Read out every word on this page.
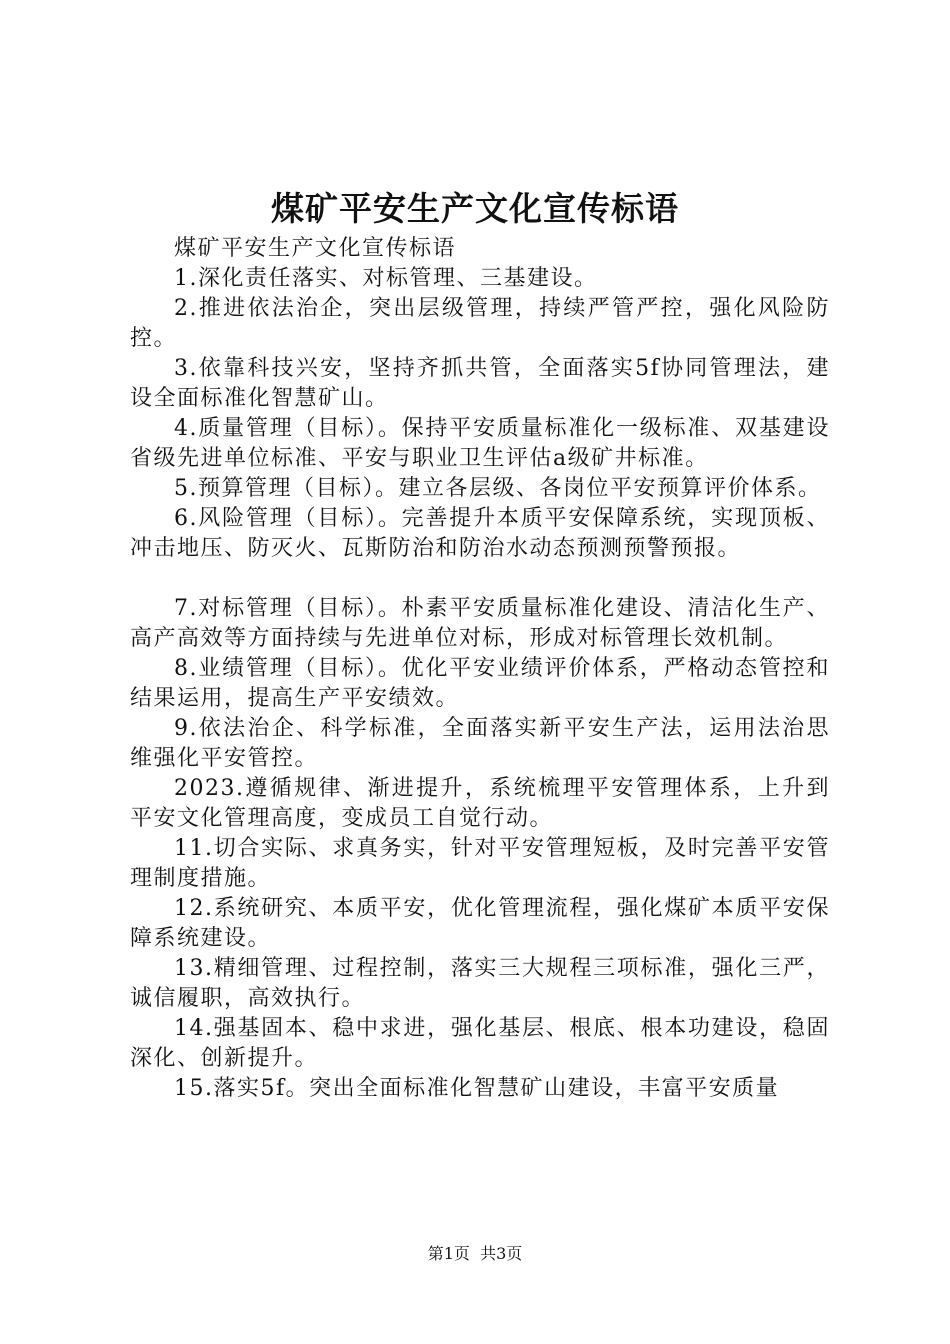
煤矿平安生产文化宣传标语

煤矿平安生产文化宣传标语

1.深化责任落实、对标管理、三基建设。

2.推进依法治企，突出层级管理，持续严管严控，强化风险防控。

3.依靠科技兴安，坚持齐抓共管，全面落实5f协同管理法，建设全面标准化智慧矿山。

4.质量管理（目标）。保持平安质量标准化一级标准、双基建设省级先进单位标准、平安与职业卫生评估a级矿井标准。

5.预算管理（目标）。建立各层级、各岗位平安预算评价体系。

6.风险管理（目标）。完善提升本质平安保障系统，实现顶板、冲击地压、防灭火、瓦斯防治和防治水动态预测预警预报。

7.对标管理（目标）。朴素平安质量标准化建设、清洁化生产、高产高效等方面持续与先进单位对标，形成对标管理长效机制。

8.业绩管理（目标）。优化平安业绩评价体系，严格动态管控和结果运用，提高生产平安绩效。

9.依法治企、科学标准，全面落实新平安生产法，运用法治思维强化平安管控。

2023.遵循规律、渐进提升，系统梳理平安管理体系，上升到平安文化管理高度，变成员工自觉行动。

11.切合实际、求真务实，针对平安管理短板，及时完善平安管理制度措施。

12.系统研究、本质平安，优化管理流程，强化煤矿本质平安保障系统建设。

13.精细管理、过程控制，落实三大规程三项标准，强化三严，诚信履职，高效执行。

14.强基固本、稳中求进，强化基层、根底、根本功建设，稳固深化、创新提升。

15.落实5f。突出全面标准化智慧矿山建设，丰富平安质量

第1页 共3页
